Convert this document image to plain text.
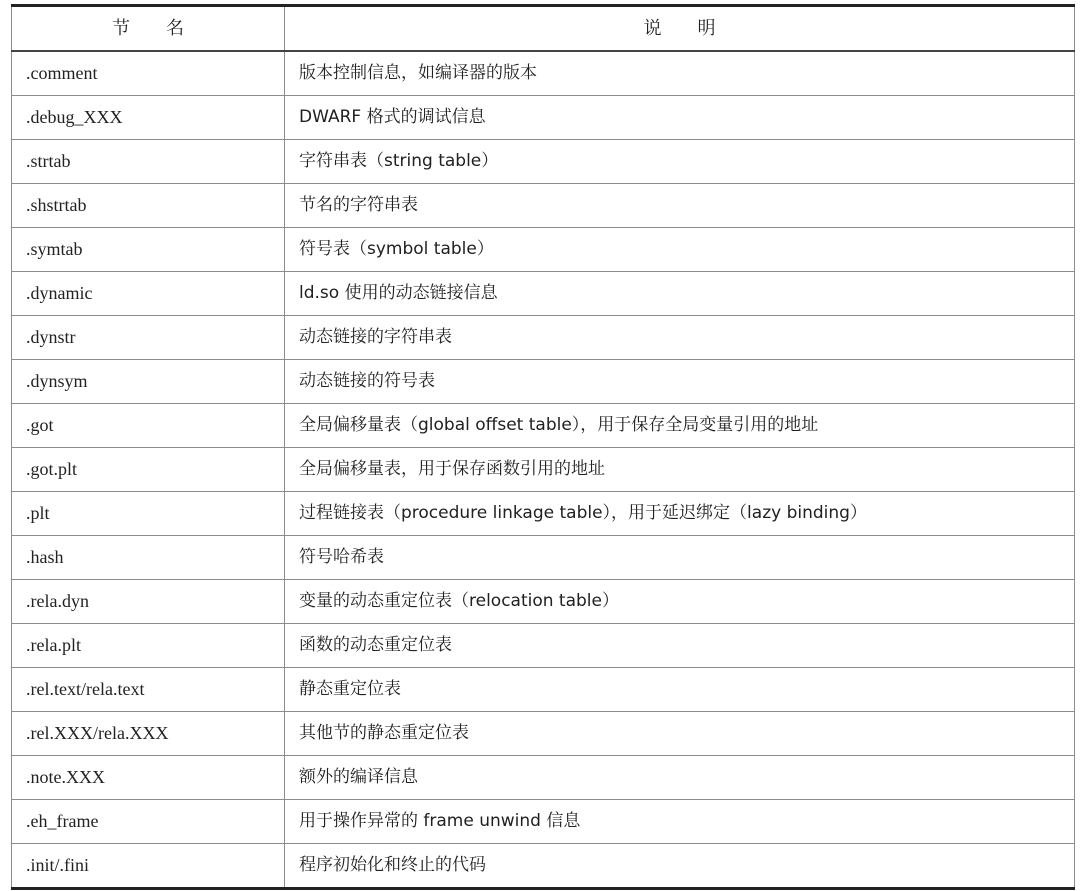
节　　名	说　　明
.comment	版本控制信息，如编译器的版本
.debug_XXX	DWARF 格式的调试信息
.strtab	字符串表（string table）
.shstrtab	节名的字符串表
.symtab	符号表（symbol table）
.dynamic	ld.so 使用的动态链接信息
.dynstr	动态链接的字符串表
.dynsym	动态链接的符号表
.got	全局偏移量表（global offset table），用于保存全局变量引用的地址
.got.plt	全局偏移量表，用于保存函数引用的地址
.plt	过程链接表（procedure linkage table），用于延迟绑定（lazy binding）
.hash	符号哈希表
.rela.dyn	变量的动态重定位表（relocation table）
.rela.plt	函数的动态重定位表
.rel.text/rela.text	静态重定位表
.rel.XXX/rela.XXX	其他节的静态重定位表
.note.XXX	额外的编译信息
.eh_frame	用于操作异常的 frame unwind 信息
.init/.fini	程序初始化和终止的代码
